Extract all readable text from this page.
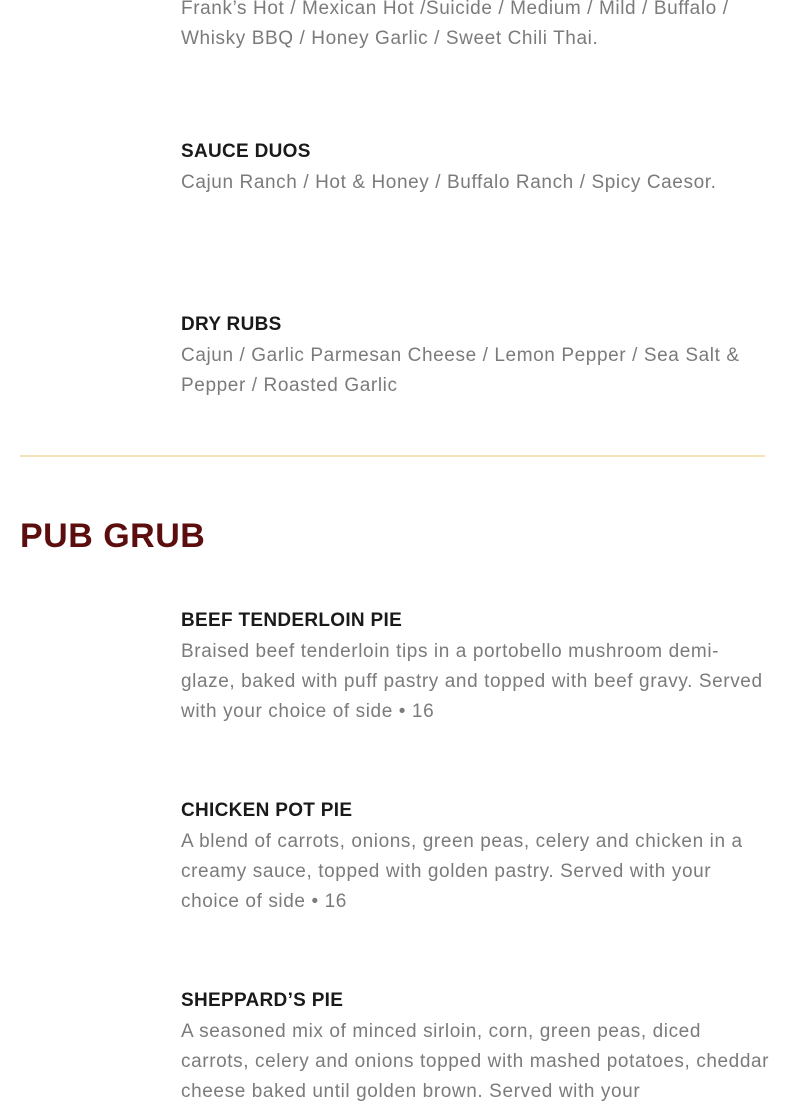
Frank’s Hot / Mexican Hot /Suicide / Medium / Mild / Buffalo / Whisky BBQ / Honey Garlic / Sweet Chili Thai.

SAUCE DUOS

Cajun Ranch / Hot & Honey / Buffalo Ranch / Spicy Caesor.

DRY RUBS

Cajun / Garlic Parmesan Cheese / Lemon Pepper / Sea Salt & Pepper / Roasted Garlic

PUB GRUB
BEEF TENDERLOIN PIE

Braised beef tenderloin tips in a portobello mushroom demi-glaze, baked with puff pastry and topped with beef gravy. Served with your choice of side • 16

CHICKEN POT PIE

A blend of carrots, onions, green peas, celery and chicken in a creamy sauce, topped with golden pastry. Served with your choice of side • 16

SHEPPARD’S PIE

A seasoned mix of minced sirloin, corn, green peas, diced carrots, celery and onions topped with mashed potatoes, cheddar cheese baked until golden brown. Served with your
